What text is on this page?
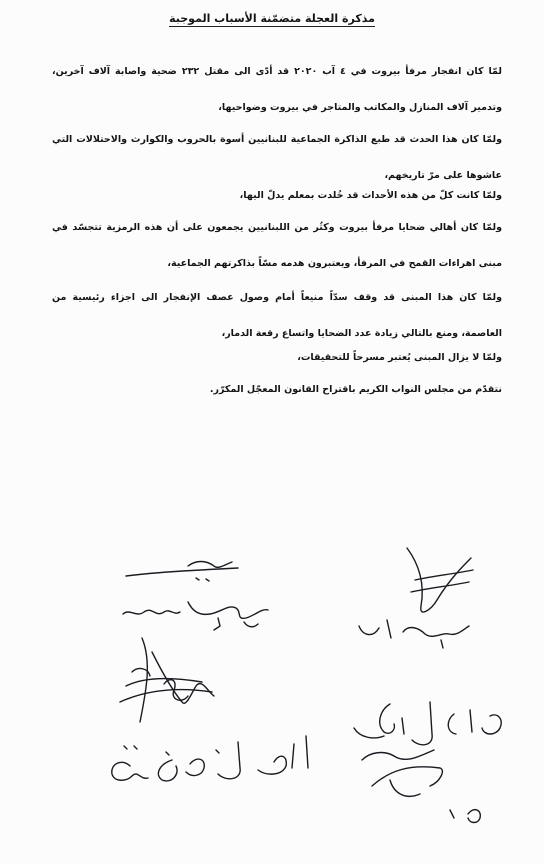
مذكرة العجلة متضمّنة الأسباب الموجبة
لمّا كان انفجار مرفأ بيروت في ٤ آب ٢٠٢٠ قد أدّى الى مقتل ٢٣٢ ضحية واصابة آلاف آخرين، وتدمير آلاف المنازل والمكاتب والمتاجر في بيروت وضواحيها،
ولمّا كان هذا الحدث قد طبع الذاكرة الجماعية للبنانيين أسوة بالحروب والكوارث والاحتلالات التي عاشوها على مرّ تاريخهم،
ولمّا كانت كلّ من هذه الأحداث قد خُلدت بمعلم يدلّ اليها،
ولمّا كان أهالي ضحايا مرفأ بيروت وكثُر من اللبنانيين يجمعون على أن هذه الرمزية تتجسّد في مبنى اهراءات القمح في المرفأ، ويعتبرون هدمه مسّاً بذاكرتهم الجماعية،
ولمّا كان هذا المبنى قد وقف سدّاً منيعاً أمام وصول عصف الإنفجار الى اجزاء رئيسية من العاصمة، ومنع بالتالي زيادة عدد الضحايا واتساع رقعة الدمار،
ولمّا لا يزال المبنى يُعتبر مسرحاً للتحقيقات،
نتقدّم من مجلس النواب الكريم باقتراح القانون المعجّل المكرّر.
